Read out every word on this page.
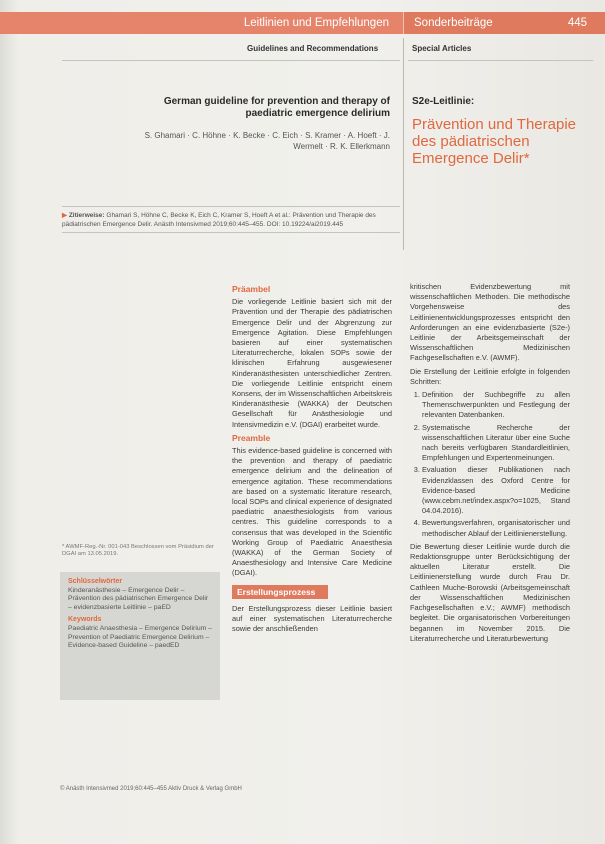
Leitlinien und Empfehlungen	Sonderbeiträge	445
Guidelines and Recommendations	Special Articles
German guideline for prevention and therapy of paediatric emergence delirium
S. Ghamari · C. Höhne · K. Becke · C. Eich · S. Kramer · A. Hoeft · J. Wermelt · R. K. Ellerkmann
S2e-Leitlinie:
Prävention und Therapie des pädiatrischen Emergence Delir*
▶ Zitierweise: Ghamari S, Höhne C, Becke K, Eich C, Kramer S, Hoeft A et al.: Prävention und Therapie des pädiatrischen Emergence Delir. Anästh Intensivmed 2019;60:445–455. DOI: 10.19224/ai2019.445
* AWMF-Reg.-Nr. 001-043 Beschlossen vom Präsidium der DGAI am 13.05.2019.
Schlüsselwörter
Kinderanästhesie – Emergence Delir – Prävention des pädiatrischen Emergence Delir – evidenzbasierte Leitlinie – paED
Keywords
Paediatric Anaesthesia – Emergence Delirium – Prevention of Paediatric Emergence Delirium – Evidence-based Guideline – paedED
Präambel

Die vorliegende Leitlinie basiert sich mit der Prävention und der Therapie des pädiatrischen Emergence Delir und der Abgrenzung zur Emergence Agitation. Diese Empfehlungen basieren auf einer systematischen Literaturrecherche, lokalen SOPs sowie der klinischen Erfahrung ausgewiesener Kinderanästhesisten unterschiedlicher Zentren. Die vorliegende Leitlinie entspricht einem Konsens, der im Wissenschaftlichen Arbeitskreis Kinderanästhesie (WAKKA) der Deutschen Gesellschaft für Anästhesiologie und Intensivmedizin e.V. (DGAI) erarbeitet wurde.

Preamble

This evidence-based guideline is concerned with the prevention and therapy of paediatric emergence delirium and the delineation of emergence agitation. These recommendations are based on a systematic literature research, local SOPs and clinical experience of designated paediatric anaesthesiologists from various centres. This guideline corresponds to a consensus that was developed in the Scientific Working Group of Paediatric Anaesthesia (WAKKA) of the German Society of Anaesthesiology and Intensive Care Medicine (DGAI).

Erstellungsprozess

Der Erstellungsprozess dieser Leitlinie basiert auf einer systematischen Literaturrecherche sowie der anschließenden

kritischen Evidenzbewertung mit wissenschaftlichen Methoden. Die methodische Vorgehensweise des Leitlinienentwicklungsprozesses entspricht den Anforderungen an eine evidenzbasierte (S2e-) Leitlinie der Arbeitsgemeinschaft der Wissenschaftlichen Medizinischen Fachgesellschaften e.V. (AWMF).

Die Erstellung der Leitlinie erfolgte in folgenden Schritten:

1. Definition der Suchbegriffe zu allen Themenschwerpunkten und Festlegung der relevanten Datenbanken.
2. Systematische Recherche der wissenschaftlichen Literatur über eine Suche nach bereits verfügbaren Standardleitlinien, Empfehlungen und Expertenmeinungen.
3. Evaluation dieser Publikationen nach Evidenzklassen des Oxford Centre for Evidence-based Medicine (www.cebm.net/index.aspx?o=1025, Stand 04.04.2016).
4. Bewertungsverfahren, organisatorischer und methodischer Ablauf der Leitlinienerstellung.

Die Bewertung dieser Leitlinie wurde durch die Redaktionsgruppe unter Berücksichtigung der aktuellen Literatur erstellt. Die Leitlinienerstellung wurde durch Frau Dr. Cathleen Muche-Borowski (Arbeitsgemeinschaft der Wissenschaftlichen Medizinischen Fachgesellschaften e.V.; AWMF) methodisch begleitet. Die organisatorischen Vorbereitungen begannen im November 2015. Die Literaturrecherche und Literaturbewertung

© Anästh Intensivmed 2019;60:445–455 Aktiv Druck & Verlag GmbH
